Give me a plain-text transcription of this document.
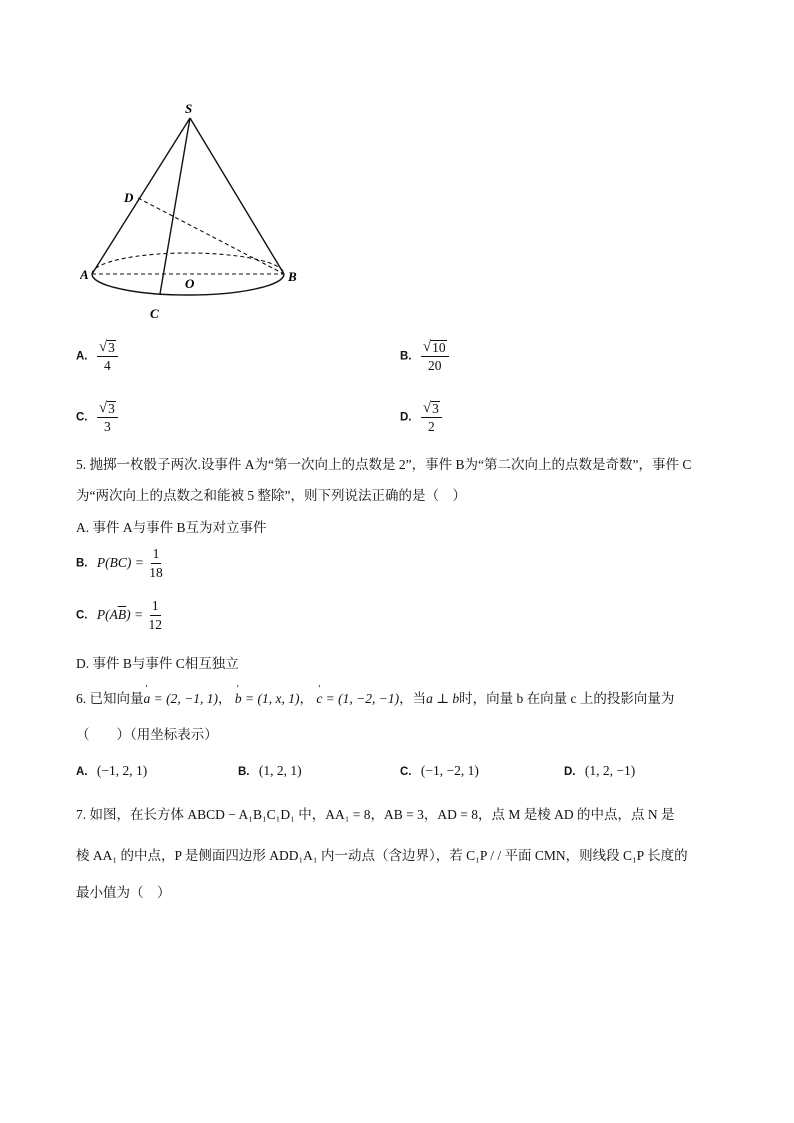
S
D
A
O	B
C
A. $\frac{√ 3}{4}$	B. $\frac{√ 10}{20}$
C. $\frac{√ 3}{3}$	D. $\frac{√ 3}{2}$
5. 抛掷一枚骰子两次.设事件 A为“第一次向上的点数是 2”，事件 B为“第二次向上的点数是奇数”，事件 C
为“两次向上的点数之和能被 5 整除”，则下列说法正确的是（　）
A. 事件 A与事件 B互为对立事件
B. $P(BC) = \frac{1}{18}$
C. $P(A\overline{B}) = \frac{1}{12}$
D. 事件 B与事件 C相互独立
6. 已知向量' a = (2, −1, 1)， ' b = (1, x, 1)， ' c = (1, −2, −1)，当a ⊥ b时，向量 b 在向量 c 上的投影向量为
（　　）（用坐标表示）
A. (−1, 2, 1)	B. (1, 2, 1)	C. (−1, −2, 1)	D. (1, 2, −1)
7. 如图，在长方体 ABCD − A₁B₁C₁D₁ 中，AA₁ = 8，AB = 3，AD = 8，点 M 是棱 AD 的中点，点 N 是
棱 AA₁ 的中点，P 是侧面四边形 ADD₁A₁ 内一动点（含边界），若 C₁P / / 平面 CMN，则线段 C₁P 长度的
最小值为（　）
